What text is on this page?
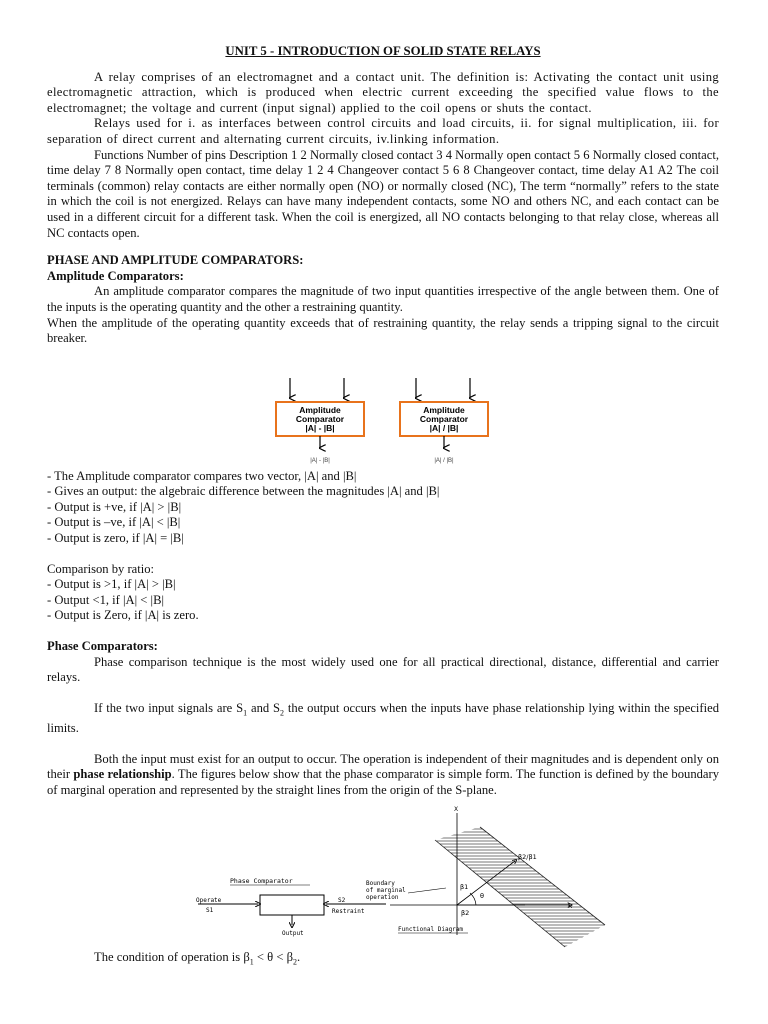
UNIT 5 - INTRODUCTION OF SOLID STATE RELAYS

A relay comprises of an electromagnet and a contact unit. The definition is: Activating the contact unit using electromagnetic attraction, which is produced when electric current exceeding the specified value flows to the electromagnet; the voltage and current (input signal) applied to the coil opens or shuts the contact.

Relays used for i. as interfaces between control circuits and load circuits, ii. for signal multiplication, iii. for separation of direct current and alternating current circuits, iv.linking information.

Functions Number of pins Description 1 2 Normally closed contact 3 4 Normally open contact 5 6 Normally closed contact, time delay 7 8 Normally open contact, time delay 1 2 4 Changeover contact 5 6 8 Changeover contact, time delay A1 A2 The coil terminals (common) relay contacts are either normally open (NO) or normally closed (NC), The term “normally” refers to the state in which the coil is not energized. Relays can have many independent contacts, some NO and others NC, and each contact can be used in a different circuit for a different task. When the coil is energized, all NO contacts belonging to that relay close, whereas all NC contacts open.

PHASE AND AMPLITUDE COMPARATORS:
Amplitude Comparators:

An amplitude comparator compares the magnitude of two input quantities irrespective of the angle between them. One of the inputs is the operating quantity and the other a restraining quantity.

When the amplitude of the operating quantity exceeds that of restraining quantity, the relay sends a tripping signal to the circuit breaker.

- The Amplitude comparator compares two vector, |A| and |B|
- Gives an output: the algebraic difference between the magnitudes |A| and |B|
- Output is +ve, if |A| > |B|
- Output is –ve, if |A| < |B|
- Output is zero, if |A| = |B|
Comparison by ratio:
- Output is >1, if |A| > |B|
- Output <1, if |A| < |B|
- Output is Zero, if |A| is zero.
Phase Comparators:

Phase comparison technique is the most widely used one for all practical directional, distance, differential and carrier relays.

If the two input signals are $S_1$ and $S_2$ the output occurs when the inputs have phase relationship lying within the specified limits.

Both the input must exist for an output to occur. The operation is independent of their magnitudes and is dependent only on their phase relationship. The figures below show that the phase comparator is simple form. The function is defined by the boundary of marginal operation and represented by the straight lines from the origin of the S-plane.

Amplitude
Comparator
|A| - |B|
|A| - |B|
Amplitude
Comparator
|A| / |B|
|A| / |B|
Phase Comparator
Operate
S1
S2
Restraint
Output
X
R
β2/β1
β1
β2
θ
Boundary
of marginal
operation
Functional Diagram
The condition of operation is $\beta_1 < \theta < \beta_2$.
